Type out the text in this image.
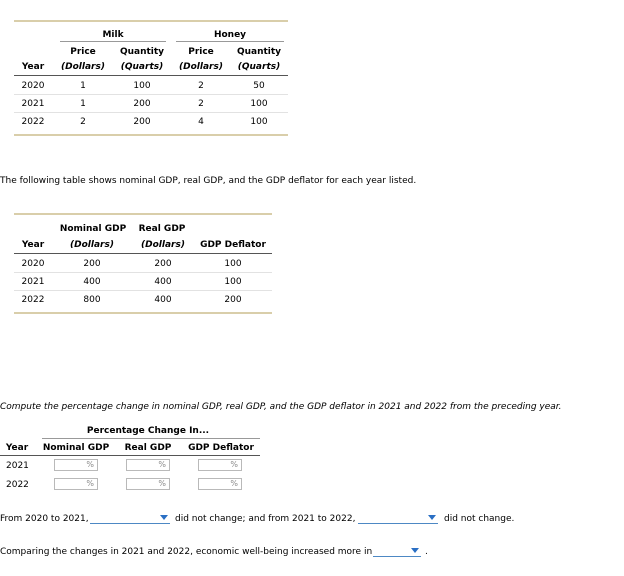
Milk	Honey
Price	Quantity	Price	Quantity
Year	(Dollars)	(Quarts)	(Dollars)	(Quarts)
2020	1	100	2	50
2021	1	200	2	100
2022	2	200	4	100
The following table shows nominal GDP, real GDP, and the GDP deflator for each year listed.
Nominal GDP	Real GDP
Year	(Dollars)	(Dollars)	GDP Deflator
2020	200	200	100
2021	400	400	100
2022	800	400	200
Compute the percentage change in nominal GDP, real GDP, and the GDP deflator in 2021 and 2022 from the preceding year.
Percentage Change In...
Year	Nominal GDP	Real GDP	GDP Deflator
2021	%	%	%
2022	%	%	%
From 2020 to 2021,	did not change; and from 2021 to 2022,	did not change.
Comparing the changes in 2021 and 2022, economic well-being increased more in	.
